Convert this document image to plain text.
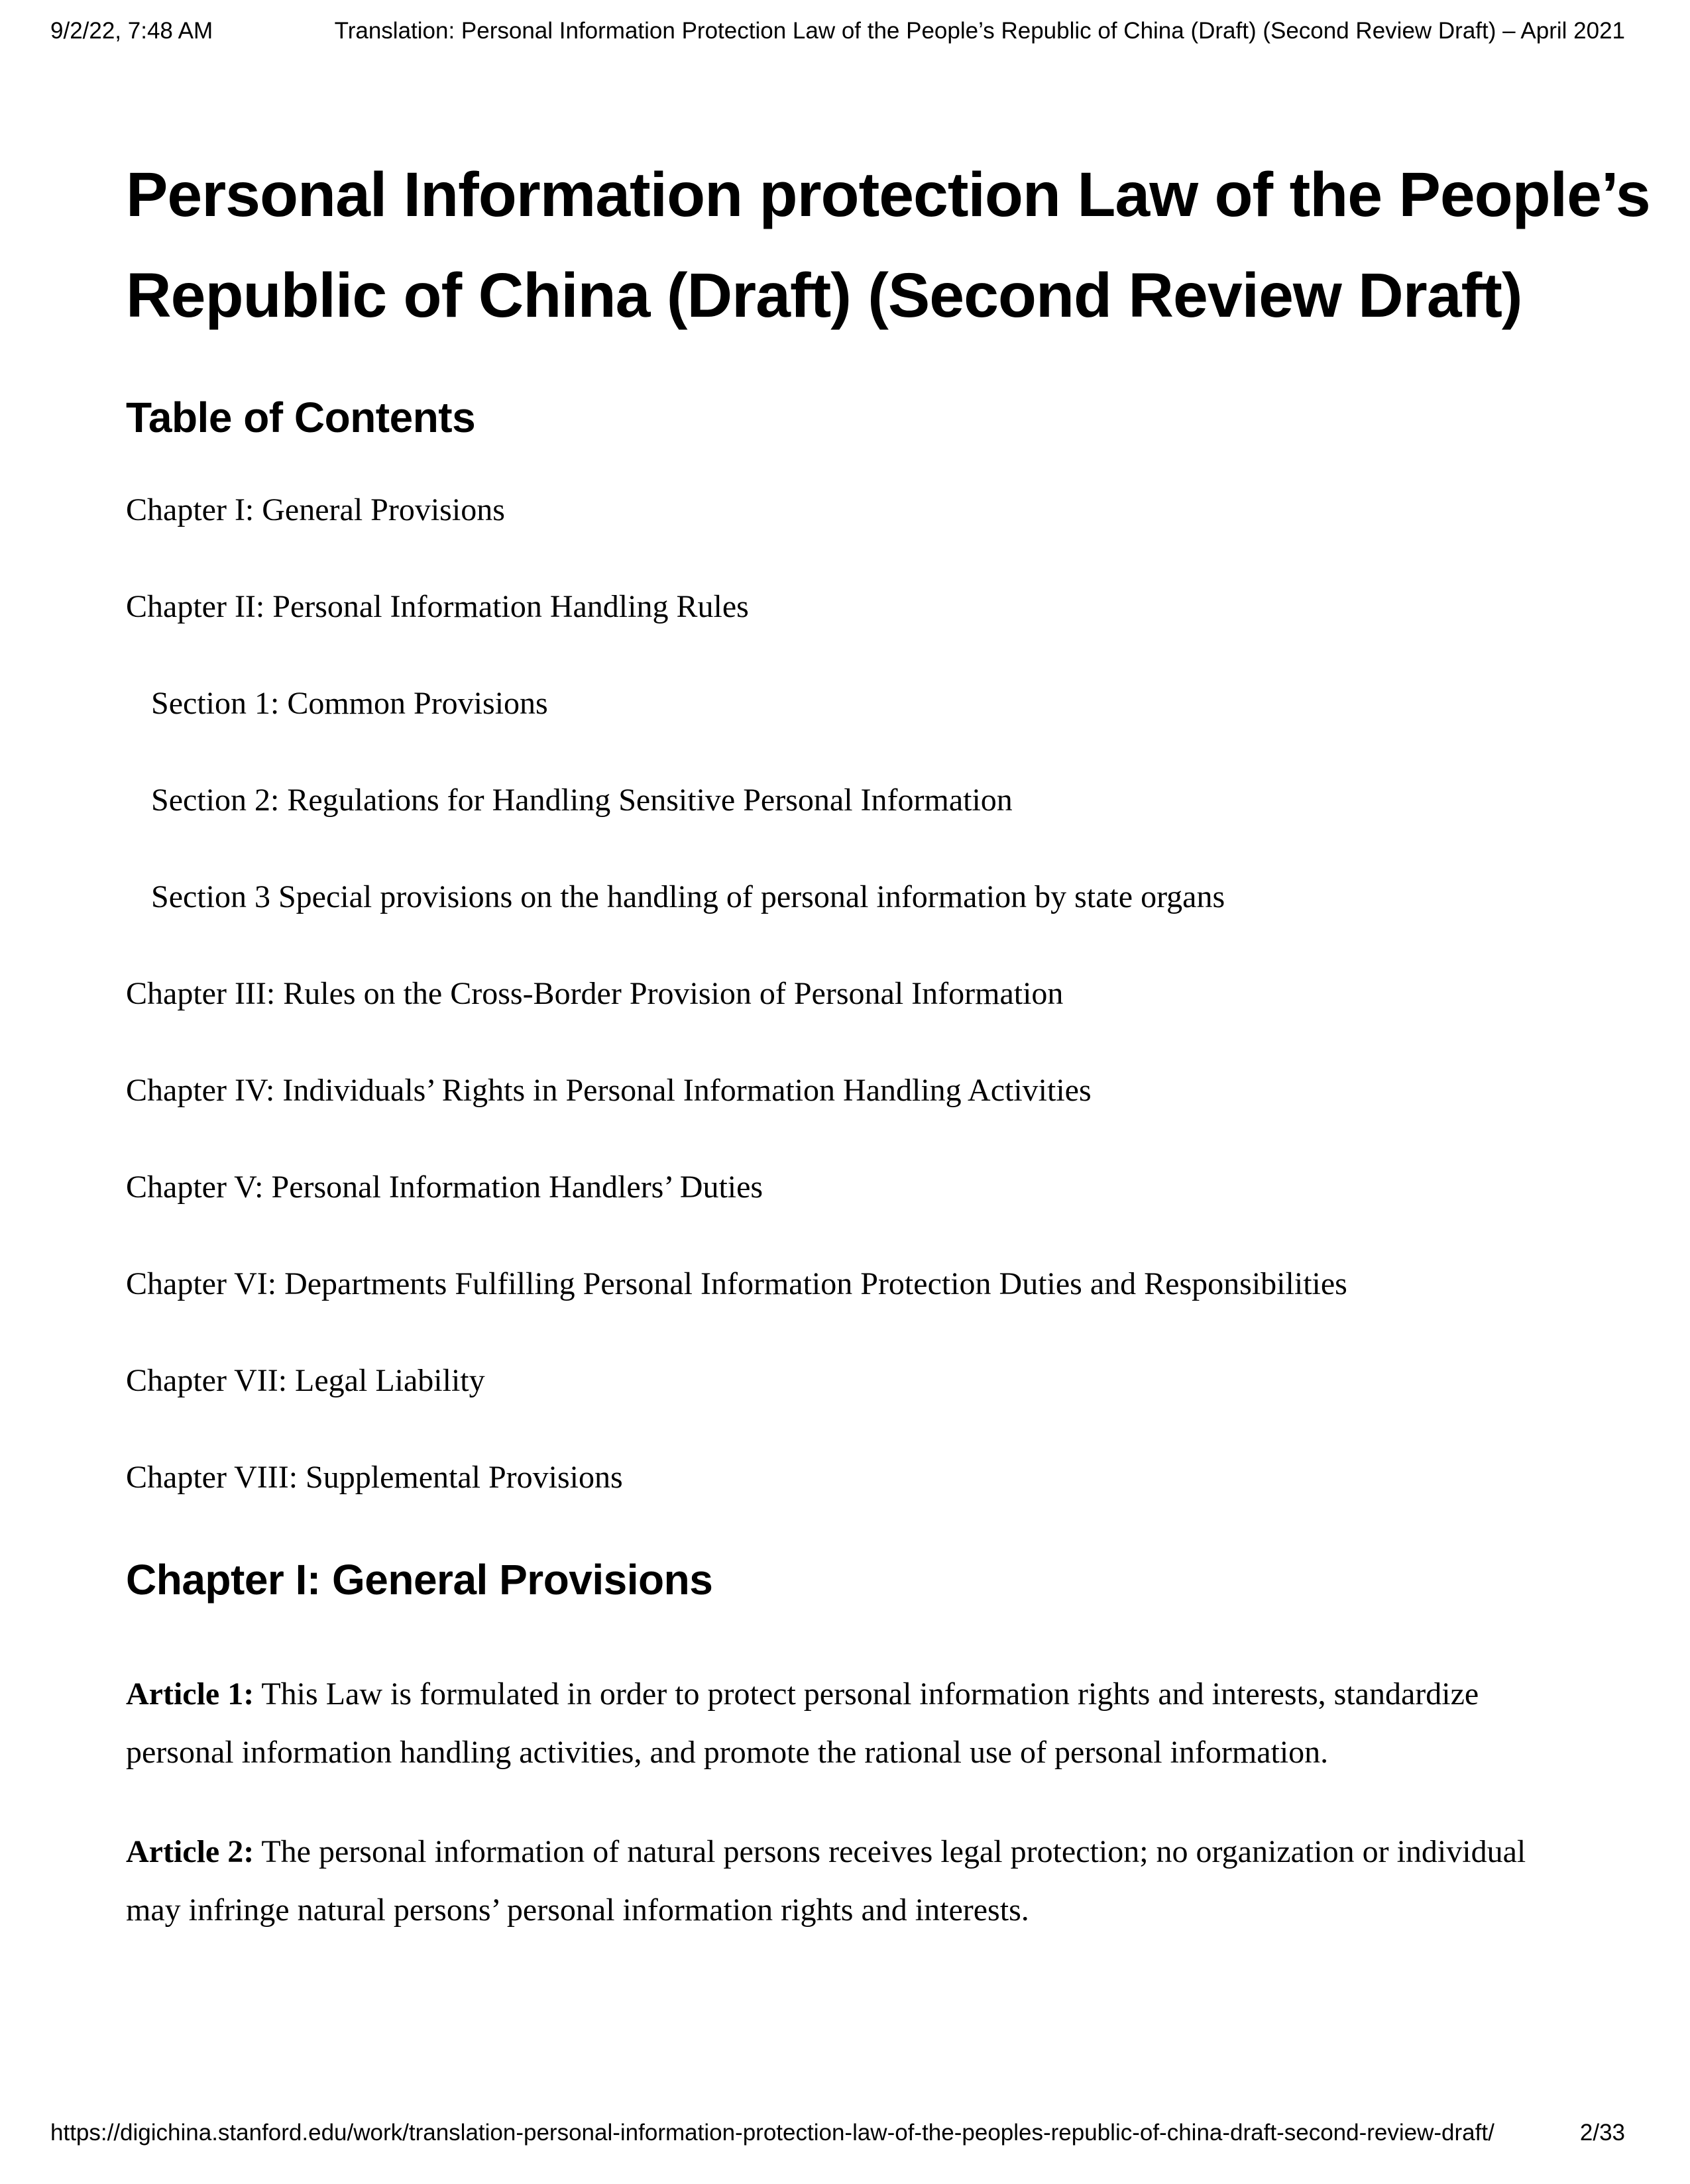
9/2/22, 7:48 AM	Translation: Personal Information Protection Law of the People’s Republic of China (Draft) (Second Review Draft) – April 2021
Personal Information protection Law of the People’s
Republic of China (Draft) (Second Review Draft)
Table of Contents
Chapter I: General Provisions
Chapter II: Personal Information Handling Rules
Section 1: Common Provisions
Section 2: Regulations for Handling Sensitive Personal Information
Section 3 Special provisions on the handling of personal information by state organs
Chapter III: Rules on the Cross-Border Provision of Personal Information
Chapter IV: Individuals’ Rights in Personal Information Handling Activities
Chapter V: Personal Information Handlers’ Duties
Chapter VI: Departments Fulfilling Personal Information Protection Duties and Responsibilities
Chapter VII: Legal Liability
Chapter VIII: Supplemental Provisions
Chapter I: General Provisions

Article 1: This Law is formulated in order to protect personal information rights and interests, standardize personal information handling activities, and promote the rational use of personal information.

Article 2: The personal information of natural persons receives legal protection; no organization or individual may infringe natural persons’ personal information rights and interests.

https://digichina.stanford.edu/work/translation-personal-information-protection-law-of-the-peoples-republic-of-china-draft-second-review-draft/	2/33
